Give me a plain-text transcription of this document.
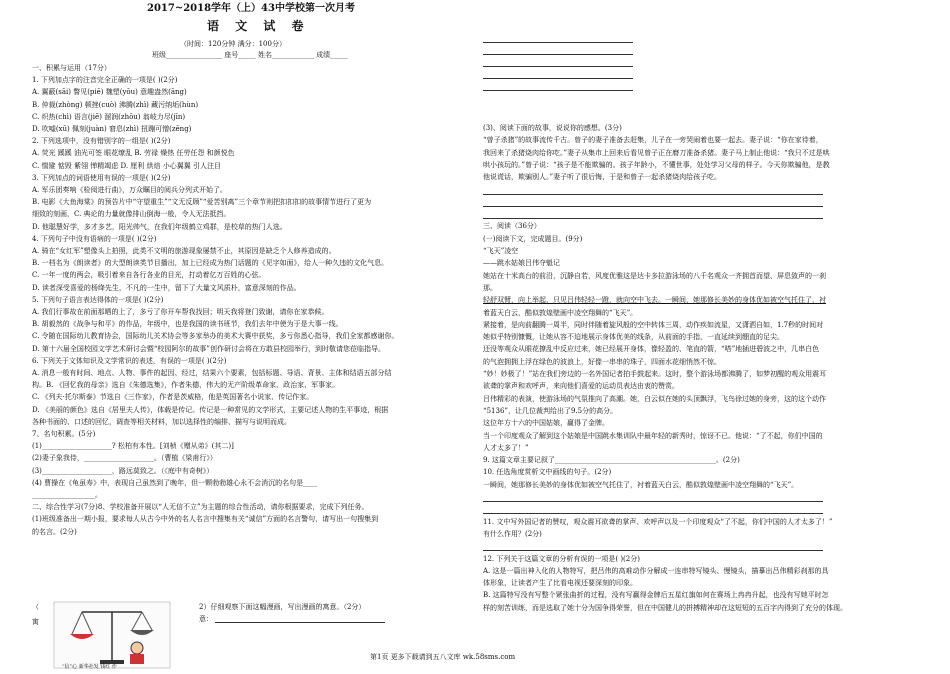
2017~2018学年（上）43中学校第一次月考
语 文 试 卷
（时间：120分钟 满分：100分）
班级________________ 座号_____ 姓名____________ 成绩_____
一、积累与运用（17分）
1. 下列加点字的注音完全正确的一项是( )(2分)
A. 翼蔽(sāi) 瞥见(piē) 魏塑(yōu) 意趣盎然(āng)
B. 仲裁(zhòng) 顿挫(cuò) 沸腾(zhì) 藏污纳垢(hùn)
C. 炽热(chì) 语言(jiē) 溜润(zhōu) 翁岐力尽(jīn)
D. 吹嘘(xū) 佩刻(juàn) 窘息(zhì) 扭蹦可憎(zēng)
2. 下列选项中，没有错别字的一组是( )(2分)
A. 荧光 蹊蹊 油光可签 眼花缭乱 B. 劳禄 燥热 任劳任怨 和颜悦色
C. 惴避 惦毁 紫翎 惮精竭虑 D. 厘利 烘焙 小心翼翼 引人注目
3. 下列加点的词语使用有误的一项是( )(2分)
A. 军乐团奏响《检阅进行曲》，万众瞩目的阅兵分列式开始了。
B. 电影《大鱼海棠》的预告片中“守望重生”“文无反顾”“爱苦别离”三个章节则把扣扣扣的故事情节进行了更为
细致的刻画，C. 典论的力量就像排山倒海一般，令人无法抵挡。
D. 他聪慧好学，多才多艺，阳光帅气，在我们年级鹤立鸡群，是校草的热门人选。
4. 下列句子中没有语病的一项是( )(2分)
A. 骑在“女红军”塑像头上拍照，此类不文明的旅游现象屡禁不止，其原因是缺乏个人修养造成的。
B. 一档名为《朗读者》的大型朗读类节目播出，加上已经成为热门话题的《见字如面》，给人一种久违的文化气息。
C. 一年一度的两会，吸引着来自各行各业的目光，打动着亿万百姓的心弦。
D. 读者深受喜爱的杨绛先生，不凡的一生中，留下了大量文风质朴，富意深刻的作品。
5. 下列句子语言表达得体的一项是( )(2分)
A. 我们行事故在前面那晒的上了，多亏了你开车帮我找回；明天我将登门致谢，请你在家恭候。
B. 胡毅然的《战争与和平》的作品，年级中，也是我国的读书班节，我们去年中使为于是大事一线。
C. 令随在国际幼儿教育协会，国际幼儿关术协会等多家举办的美术大赛中获奖，多亏你悉心指导，我们全家都感谢你。
D. 第十六届全国校园文学艺术研讨会暨“校园阿尔的故事”创作研讨会将在方敢县校园举行，到时敬请您莅临指导。
6. 下列关于文体知识及文学常识的表述，有误的一项是( )(2分)
A. 消息一般有时间、地点、人物、事件的起因、经过，结果六个要素，包括标题、导语、背景、主体和结语五部分结
构。B. 《回忆我的母亲》选自《朱德选集》，作者朱德，伟大的无产阶级革命家、政治家、军事家。
C. 《列夫·托尔斯泰》节选自《三作家》，作者是茨威格，他是英国著名小说家、传记作家。
D. 《美丽的颜色》选自《居里夫人传》，体载是传记。传记是一种常见的文学形式，主要记述人物的生平事迹，根据
各种书面的、口述的回忆，调查等相关材料，加以选择性的编排、描写与说明而成。
7、名句积累。(5分)
(1)____________________? 松柏有本性。[刘桢《赠从弟》(其二)]
(2)妻子象我侍，____________________。（曹植《梁甫行》）
(3)____________________，路远莫致之。（《庭中有奇树》）
(4) 曹操在《龟虽寿》中，表现自己虽然到了晚年，但一颗勃勃雄心永不会消沉的名句是____
__________________。
二、综合性学习(7分)8、学校准备开展以“人无信不立”为主题的综合性活动，请你根据要求，完成下列任务。
(1)班级准备出一期小报，要求每人从古今中外的名人名言中搜集有关“诚信”方面的名言警句，请写出一句搜集到
的名言。(2分)
（
寓
“信”心 新华社发 钱红 作
2）仔细观察下面这幅漫画，写出漫画的寓意。（2分）
意：
(3)、阅读下面的故事，说说你的感想。(3分)
“曾子杀猪”的故事流传千古。曾子的妻子准备去赶集，儿子在一旁哭闹着也要一起去。妻子说：“你在家待着，
我回来了杀猪烧肉给你吃。”妻子从集市上回来后看见曾子正在磨刀准备杀猪。妻子马上制止他说：“我只不过是哄
哄小孩玩的。”曾子说：“孩子是不能欺骗的。孩子年龄小，不懂世事，处处学习父母的样子。今天你欺骗他，是教
他说谎话，欺骗别人。”妻子听了很后悔，于是和曾子一起杀猪烧肉给孩子吃。
三、阅读（36分）
(一)阅读下文，完成题目。(9分)
“飞天”凌空
——跳水姑娘吕伟夺魁记
她站在十米高台的前沿，沉静自若，风度优雅这是达卡多拉游泳场的八千名观众一齐拥首而望、屏息敛声的一刹
那。
轻舒双臂，向上举起，只见吕伟轻轻一蹬，就向空中飞去。一瞬间，她那修长美妙的身体优如被空气托住了，衬
着蓝天白云，酷似敦煌壁画中凌空翔舞的“飞天”。
紧接着，是向前翻腾一周半，同时伴随着旋风般的空中转体三周，动作疾如流星，又潇洒自如，1.7秒的时间对
她似乎特别慷慨，让她从容不迫地展示身体优美的线条，从前面的手指，一直延续到绷直的足尖。
还没等观众从眼花撩乱中反应过来，她已经展开身体，像轻盈的、笔直的箭，“嗒”地插进碧波之中，几串白色
的气泡拥拥上浮在绿色的波浪上，好像一串串的珠子，四面水花细悄然不惊。
“妙！妙极了！”站在我们旁边的一名外国记者拍手鼓起来。这时，整个游泳场都沸腾了，如梦初醒的观众用震耳
欲聋的掌声和欢呼声，来向他们喜爱的运动员表达由衷的赞赏。
吕伟精彩的表演，使游泳场的气氛推向了高潮。她，白云似在她的头顶飘浮，飞鸟徐过她的身旁，这的这个动作
“5136”，让几位裁判给出了9.5分的高分。
这位年方十六的中国姑娘，赢得了金牌。
当一个印度观众了解到这个姑娘是中国跳水集训队中最年轻的新秀时，惊讶不已。他说：“了不起，你们中国的
人才太多了！”
9. 这篇文章主要记叙了______________________________________________。(2分)
10. 任选角度赏析文中画线的句子。(2分)
一瞬间，她那修长美妙的身体优如被空气托住了，衬着蓝天白云，酷似敦煌壁画中凌空翔舞的“飞天”。
11. 文中写外国记者的赞叹，观众震耳欲聋的掌声、欢呼声以及一个印度观众“了不起，你们中国的人才太多了！”
有什么作用？(2分)
12. 下列关于这篇文章的分析有误的一项是( )(2分)
A. 这是一篇出神入化的人物特写，把吕伟的高难动作分解成一连串特写镜头、慢镜头，描摹出吕伟精彩刹那的具
体形象，让读者产生了比看电视还要深刻的印象。
B. 这篇特写没有写整个紧张曲折的过程，没有写赢得金牌后五星红旗如何在赛场上冉冉升起，也没有写她平时怎
样的刻苦训练，而是选取了她十分为国争得荣誉，但在中国健儿的拼搏精神却在这短短的五百字内得到了充分的体现。
第1页 更多下载请到五八文库 wk.58sms.com
